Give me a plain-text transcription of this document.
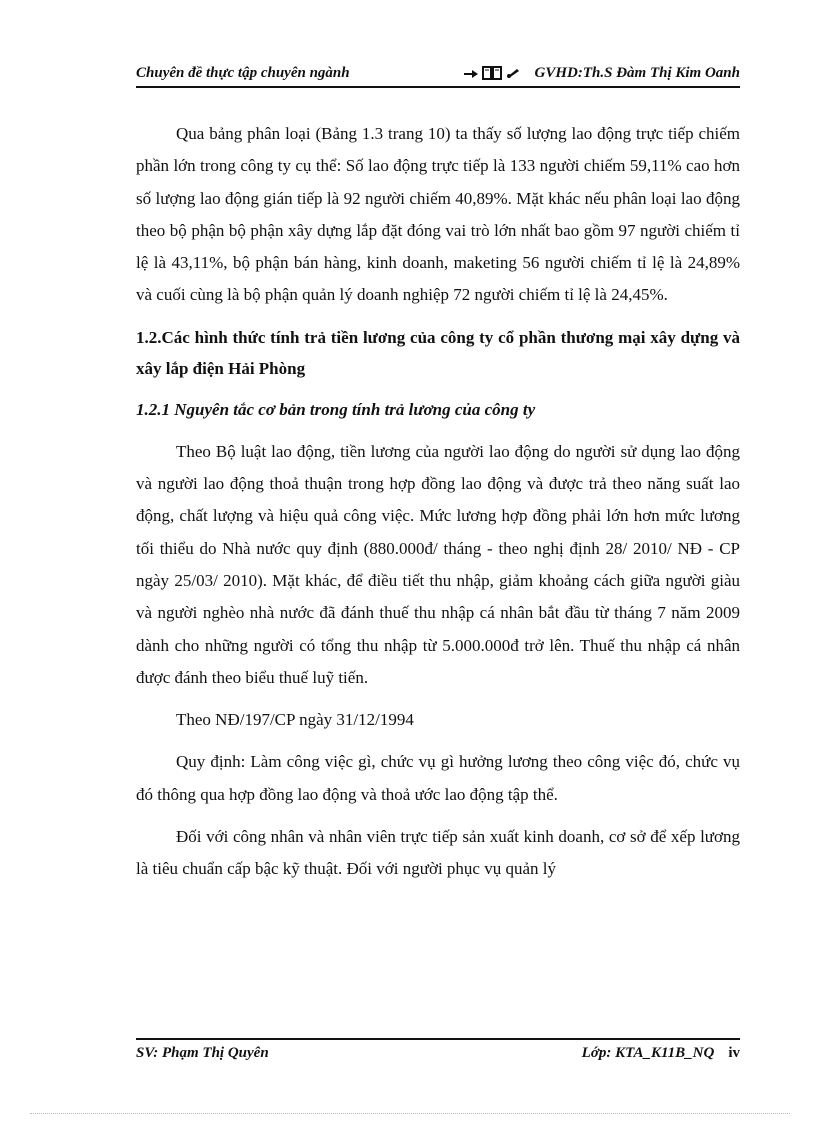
Chuyên đề thực tập chuyên ngành	GVHD:Th.S Đàm Thị Kim Oanh

Qua bảng phân loại (Bảng 1.3 trang 10) ta thấy số lượng lao động trực tiếp chiếm phần lớn trong công ty cụ thể: Số lao động trực tiếp là 133 người chiếm 59,11% cao hơn số lượng lao động gián tiếp là 92 người chiếm 40,89%. Mặt khác nếu phân loại lao động theo bộ phận bộ phận xây dựng lắp đặt đóng vai trò lớn nhất bao gồm 97 người chiếm tỉ lệ là 43,11%, bộ phận bán hàng, kinh doanh, maketing 56 người chiếm tỉ lệ là 24,89% và cuối cùng là bộ phận quản lý doanh nghiệp 72 người chiếm tỉ lệ là 24,45%.

1.2.Các hình thức tính trả tiền lương của công ty cổ phần thương mại xây dựng và xây lắp điện Hải Phòng

1.2.1 Nguyên tắc cơ bản trong tính trả lương của công ty

Theo Bộ luật lao động, tiền lương của người lao động do người sử dụng lao động và người lao động thoả thuận trong hợp đồng lao động và được trả theo năng suất lao động, chất lượng và hiệu quả công việc. Mức lương hợp đồng phải lớn hơn mức lương tối thiểu do Nhà nước quy định (880.000đ/ tháng - theo nghị định 28/ 2010/ NĐ - CP ngày 25/03/ 2010). Mặt khác, để điều tiết thu nhập, giảm khoảng cách giữa người giàu và người nghèo nhà nước đã đánh thuế thu nhập cá nhân bắt đầu từ tháng 7 năm 2009 dành cho những người có tổng thu nhập từ 5.000.000đ trở lên. Thuế thu nhập cá nhân được đánh theo biểu thuế luỹ tiến.

Theo NĐ/197/CP ngày 31/12/1994

Quy định: Làm công việc gì, chức vụ gì hưởng lương theo công việc đó, chức vụ đó thông qua hợp đồng lao động và thoả ước lao động tập thể.

Đối với công nhân và nhân viên trực tiếp sản xuất kinh doanh, cơ sở để xếp lương là tiêu chuẩn cấp bậc kỹ thuật. Đối với người phục vụ quản lý

SV: Phạm Thị Quyên	Lớp: KTA_K11B_NQ iv
